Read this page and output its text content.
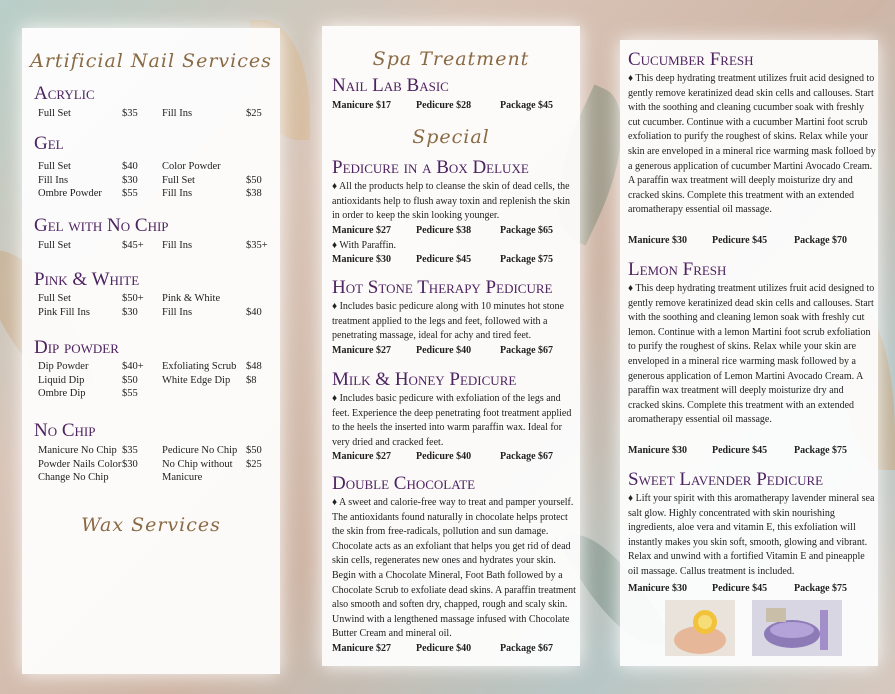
Artificial Nail Services
Acrylic
Full Set	$35 Fill Ins	$25
Gel
Full Set	$40 Color Powder
Fill Ins	$30 Full Set	$50
Ombre Powder $55 Fill Ins	$38
Gel with No Chip
Full Set	$45+ Fill Ins	$35+
Pink & White
Full Set	$50+ Pink & White
Pink Fill Ins	$30 Fill Ins	$40
Dip powder
Dip Powder	$40+ Exfoliating Scrub $48
Liquid Dip	$50 White Edge Dip $8
Ombre Dip	$55
No Chip
Manicure No Chip $35 Pedicure No Chip $50
Powder Nails Color $30 No Chip without $25
Change No Chip	Manicure
Wax Services
Spa Treatment
Nail Lab Basic
Manicure $17	Pedicure $28	Package $45
Special
Pedicure in a Box Deluxe
♦ All the products help to cleanse the skin of dead cells, the antioxidants help to flush away toxin and replenish the skin in order to keep the skin looking younger.
Manicure $27	Pedicure $38	Package $65
♦ With Paraffin.
Manicure $30	Pedicure $45	Package $75
Hot Stone Therapy Pedicure
♦ Includes basic pedicure along with 10 minutes hot stone treatment applied to the legs and feet, followed with a penetrating massage, ideal for achy and tired feet.
Manicure $27	Pedicure $40	Package $67
Milk & Honey Pedicure
♦ Includes basic pedicure with exfoliation of the legs and feet. Experience the deep penetrating foot treatment applied to the heels the inserted into warm paraffin wax. Ideal for very dried and cracked feet.
Manicure $27	Pedicure $40	Package $67
Double Chocolate
♦ A sweet and calorie-free way to treat and pamper yourself. The antioxidants found naturally in chocolate helps protect the skin from free-radicals, pollution and sun damage. Chocolate acts as an exfoliant that helps you get rid of dead skin cells, regenerates new ones and hydrates your skin. Begin with a Chocolate Mineral, Foot Bath followed by a Chocolate Scrub to exfoliate dead skins. A paraffin treatment also smooth and soften dry, chapped, rough and scaly skin. Unwind with a lengthened massage infused with Chocolate Butter Cream and mineral oil.
Manicure $27	Pedicure $40	Package $67
Cucumber Fresh
♦ This deep hydrating treatment utilizes fruit acid designed to gently remove keratinized dead skin cells and callouses. Start with the soothing and cleaning cucumber soak with freshly cut cucumber. Continue with a cucumber Martini foot scrub exfoliation to purify the roughest of skins. Relax while your skin are enveloped in a mineral rice warming mask folloed by a generous application of cucumber Martini Avocado Cream. A paraffin wax treatment will deeply moisturize dry and cracked skins. Complete this treatment with an extended aromatherapy essential oil massage.
Manicure $30	Pedicure $45	Package $70
Lemon Fresh
♦ This deep hydrating treatment utilizes fruit acid designed to gently remove keratinized dead skin cells and callouses. Start with the soothing and cleaning lemon soak with freshly cut lemon. Continue with a lemon Martini foot scrub exfoliation to purify the roughest of skins. Relax while your skin are enveloped in a mineral rice warming mask followed by a generous application of Lemon Martini Avocado Cream. A paraffin wax treatment will deeply moisturize dry and cracked skins. Complete this treatment with an extended aromatherapy essential oil massage.
Manicure $30	Pedicure $45	Package $75
Sweet Lavender Pedicure
♦ Lift your spirit with this aromatherapy lavender mineral sea salt glow. Highly concentrated with skin nourishing ingredients, aloe vera and vitamin E, this exfoliation will instantly makes you skin soft, smooth, glowing and vibrant. Relax and unwind with a fortified Vitamin E and pineapple oil massage. Callus treatment is included.
Manicure $30	Pedicure $45	Package $75
